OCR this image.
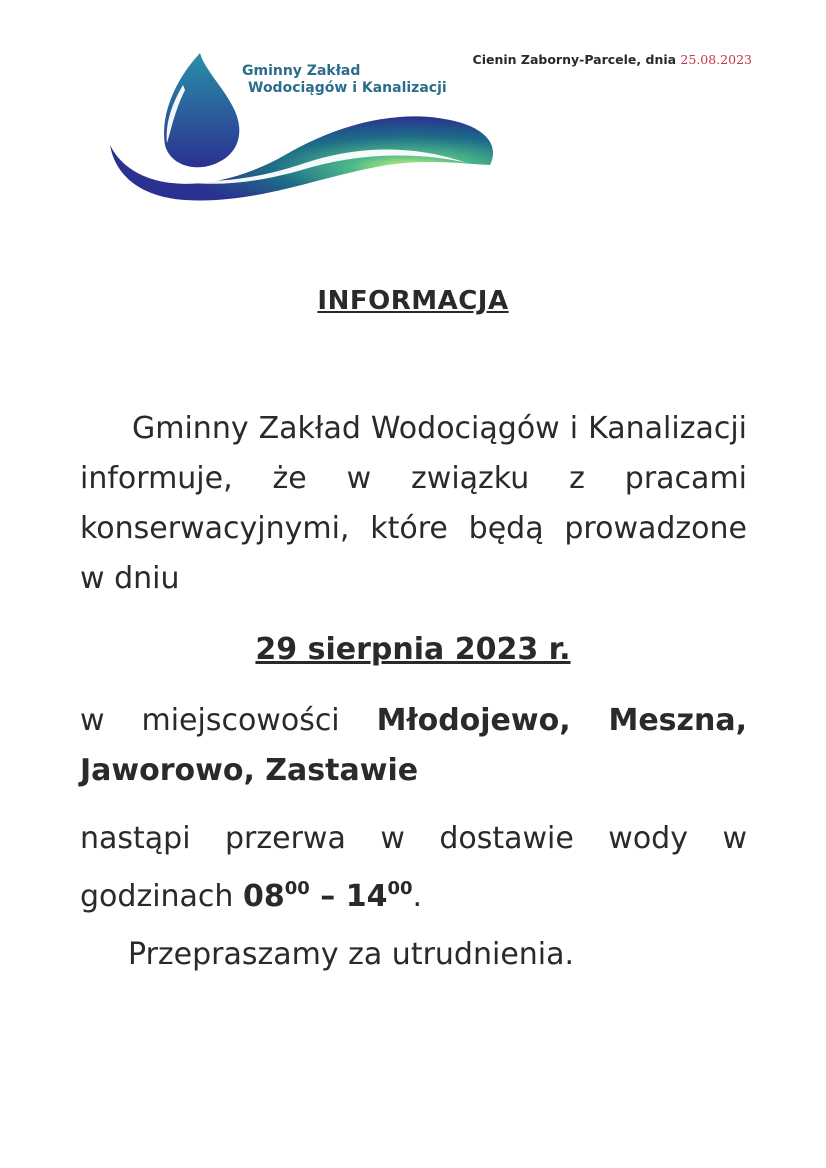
Gminny Zakład
Wodociągów i Kanalizacji
Cienin Zaborny-Parcele, dnia 25.08.2023
INFORMACJA

Gminny Zakład Wodociągów i Kanalizacji informuje, że w związku z pracami konserwacyjnymi, które będą prowadzone w dniu

29 sierpnia 2023 r.

w miejscowości Młodojewo, Meszna, Jaworowo, Zastawie

nastąpi przerwa w dostawie wody w godzinach $08^{00} - 14^{00}$.

Przepraszamy za utrudnienia.
